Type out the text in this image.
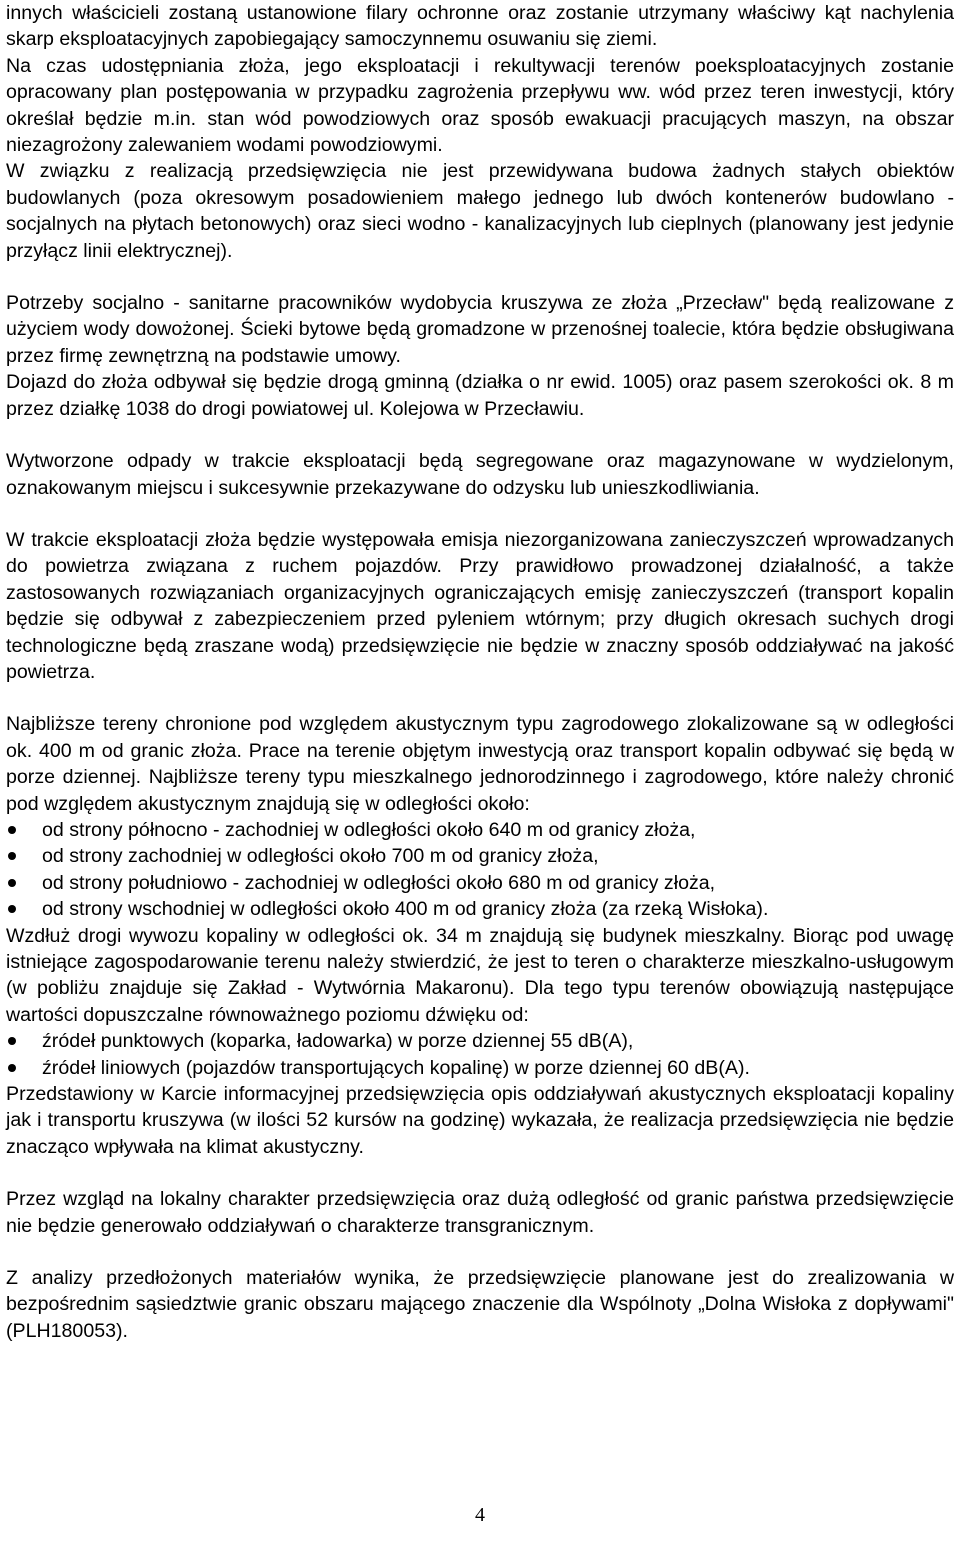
innych właścicieli zostaną ustanowione filary ochronne oraz zostanie utrzymany właściwy kąt nachylenia skarp eksploatacyjnych zapobiegający samoczynnemu osuwaniu się ziemi.

Na czas udostępniania złoża, jego eksploatacji i rekultywacji terenów poeksploatacyjnych zostanie opracowany plan postępowania w przypadku zagrożenia przepływu ww. wód przez teren inwestycji, który określał będzie m.in. stan wód powodziowych oraz sposób ewakuacji pracujących maszyn, na obszar niezagrożony zalewaniem wodami powodziowymi.

W związku z realizacją przedsięwzięcia nie jest przewidywana budowa żadnych stałych obiektów budowlanych (poza okresowym posadowieniem małego jednego lub dwóch kontenerów budowlano - socjalnych na płytach betonowych) oraz sieci wodno - kanalizacyjnych lub cieplnych (planowany jest jedynie przyłącz linii elektrycznej).

Potrzeby socjalno - sanitarne pracowników wydobycia kruszywa ze złoża „Przecław" będą realizowane z użyciem wody dowożonej. Ścieki bytowe będą gromadzone w przenośnej toalecie, która będzie obsługiwana przez firmę zewnętrzną na podstawie umowy.

Dojazd do złoża odbywał się będzie drogą gminną (działka o nr ewid. 1005) oraz pasem szerokości ok. 8 m przez działkę 1038 do drogi powiatowej ul. Kolejowa w Przecławiu.

Wytworzone odpady w trakcie eksploatacji będą segregowane oraz magazynowane w wydzielonym, oznakowanym miejscu i sukcesywnie przekazywane do odzysku lub unieszkodliwiania.

W trakcie eksploatacji złoża będzie występowała emisja niezorganizowana zanieczyszczeń wprowadzanych do powietrza związana z ruchem pojazdów. Przy prawidłowo prowadzonej działalność, a także zastosowanych rozwiązaniach organizacyjnych ograniczających emisję zanieczyszczeń (transport kopalin będzie się odbywał z zabezpieczeniem przed pyleniem wtórnym; przy długich okresach suchych drogi technologiczne będą zraszane wodą) przedsięwzięcie nie będzie w znaczny sposób oddziaływać na jakość powietrza.

Najbliższe tereny chronione pod względem akustycznym typu zagrodowego zlokalizowane są w odległości ok. 400 m od granic złoża. Prace na terenie objętym inwestycją oraz transport kopalin odbywać się będą w porze dziennej. Najbliższe tereny typu mieszkalnego jednorodzinnego i zagrodowego, które należy chronić pod względem akustycznym znajdują się w odległości około:

od strony północno - zachodniej w odległości około 640 m od granicy złoża,
od strony zachodniej w odległości około 700 m od granicy złoża,
od strony południowo - zachodniej w odległości około 680 m od granicy złoża,
od strony wschodniej w odległości około 400 m od granicy złoża (za rzeką Wisłoka).

Wzdłuż drogi wywozu kopaliny w odległości ok. 34 m znajdują się budynek mieszkalny. Biorąc pod uwagę istniejące zagospodarowanie terenu należy stwierdzić, że jest to teren o charakterze mieszkalno-usługowym (w pobliżu znajduje się Zakład - Wytwórnia Makaronu). Dla tego typu terenów obowiązują następujące wartości dopuszczalne równoważnego poziomu dźwięku od:

źródeł punktowych (koparka, ładowarka) w porze dziennej 55 dB(A),
źródeł liniowych (pojazdów transportujących kopalinę) w porze dziennej 60 dB(A).

Przedstawiony w Karcie informacyjnej przedsięwzięcia opis oddziaływań akustycznych eksploatacji kopaliny jak i transportu kruszywa (w ilości 52 kursów na godzinę) wykazała, że realizacja przedsięwzięcia nie będzie znacząco wpływała na klimat akustyczny.

Przez wzgląd na lokalny charakter przedsięwzięcia oraz dużą odległość od granic państwa przedsięwzięcie nie będzie generowało oddziaływań o charakterze transgranicznym.

Z analizy przedłożonych materiałów wynika, że przedsięwzięcie planowane jest do zrealizowania w bezpośrednim sąsiedztwie granic obszaru mającego znaczenie dla Wspólnoty „Dolna Wisłoka z dopływami" (PLH180053).

4
